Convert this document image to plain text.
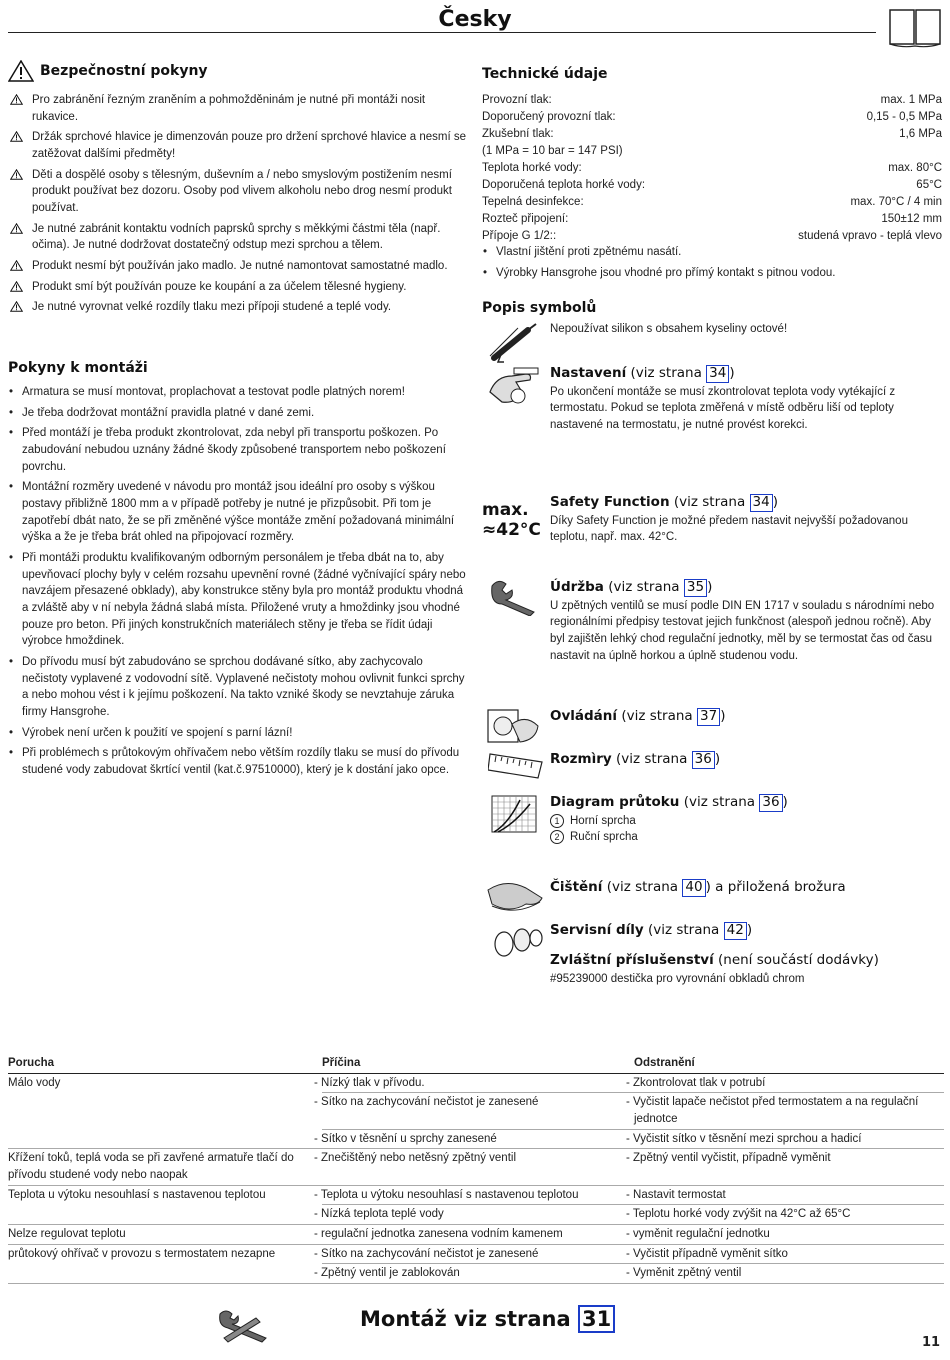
Česky
Bezpečnostní pokyny
Pro zabránění řezným zraněním a pohmožděninám je nutné při montáži nosit rukavice.
Držák sprchové hlavice je dimenzován pouze pro držení sprchové hlavice a nesmí se zatěžovat dalšími předměty!
Děti a dospělé osoby s tělesným, duševním a / nebo smyslovým postižením nesmí produkt používat bez dozoru. Osoby pod vlivem alkoholu nebo drog nesmí produkt používat.
Je nutné zabránit kontaktu vodních paprsků sprchy s měkkými částmi těla (např. očima). Je nutné dodržovat dostatečný odstup mezi sprchou a tělem.
Produkt nesmí být používán jako madlo. Je nutné namontovat samostatné madlo.
Produkt smí být používán pouze ke koupání a za účelem tělesné hygieny.
Je nutné vyrovnat velké rozdíly tlaku mezi přípoji studené a teplé vody.
Pokyny k montáži
• Armatura se musí montovat, proplachovat a testovat podle platných norem!
• Je třeba dodržovat montážní pravidla platné v dané zemi.
• Před montáží je třeba produkt zkontrolovat, zda nebyl při transportu poškozen. Po zabudování nebudou uznány žádné škody způsobené transportem nebo poškození povrchu.
• Montážní rozměry uvedené v návodu pro montáž jsou ideální pro osoby s výškou postavy přibližně 1800 mm a v případě potřeby je nutné je přizpůsobit. Při tom je zapotřebí dbát nato, že se při změněné výšce montáže změní požadovaná minimální výška a že je třeba brát ohled na připojovací rozměry.
• Při montáži produktu kvalifikovaným odborným personálem je třeba dbát na to, aby upevňovací plochy byly v celém rozsahu upevnění rovné (žádné vyčnívající spáry nebo navzájem přesazené obklady), aby konstrukce stěny byla pro montáž produktu vhodná a zvláště aby v ní nebyla žádná slabá místa. Přiložené vruty a hmoždinky jsou vhodné pouze pro beton. Při jiných konstrukčních materiálech stěny je třeba se řídit údaji výrobce hmoždinek.
• Do přívodu musí být zabudováno se sprchou dodávané sítko, aby zachycovalo nečistoty vyplavené z vodovodní sítě. Vyplavené nečistoty mohou ovlivnit funkci sprchy a nebo mohou vést i k jejímu poškození. Na takto vzniké škody se nevztahuje záruka firmy Hansgrohe.
• Výrobek není určen k použití ve spojení s parní lázní!
• Při problémech s průtokovým ohřívačem nebo větším rozdíly tlaku se musí do přívodu studené vody zabudovat škrtící ventil (kat.č.97510000), který je k dostání jako opce.
Technické údaje
Provozní tlak:	max. 1 MPa
Doporučený provozní tlak:	0,15 - 0,5 MPa
Zkušební tlak:	1,6 MPa
(1 MPa = 10 bar = 147 PSI)
Teplota horké vody:	max. 80°C
Doporučená teplota horké vody:	65°C
Tepelná desinfekce:	max. 70°C / 4 min
Rozteč připojení:	150±12 mm
Přípoje G 1/2::	studená vpravo - teplá vlevo
• Vlastní jištění proti zpětnému nasátí.
• Výrobky Hansgrohe jsou vhodné pro přímý kontakt s pitnou vodou.
Popis symbolů
Nepoužívat silikon s obsahem kyseliny octové!
Nastavení (viz strana 34 )
Po ukončení montáže se musí zkontrolovat teplota vody vytékající z termostatu. Pokud se teplota změřená v místě odběru liší od teploty nastavené na termostatu, je nutné provést korekci.
max.
≈42°C
Safety Function (viz strana 34 )
Díky Safety Function je možné předem nastavit nejvyšší požadovanou teplotu, např. max. 42°C.
Údržba (viz strana 35 )
U zpětných ventilů se musí podle DIN EN 1717 v souladu s národními nebo regionálními předpisy testovat jejich funkčnost (alespoň jednou ročně). Aby byl zajištěn lehký chod regulační jednotky, měl by se termostat čas od času nastavit na úplně horkou a úplně studenou vodu.
Ovládání (viz strana 37 )
Rozmìry (viz strana 36 )
Diagram průtoku (viz strana 36 )
1 Horní sprcha
2 Ruční sprcha
Čištění (viz strana 40 ) a přiložená brožura
Servisní díly (viz strana 42 )
Zvláštní příslušenství (není součástí dodávky)
#95239000 destička pro vyrovnání obkladů chrom
Porucha	Příčina	Odstranění
Málo vody	- Nízký tlak v přívodu.	- Zkontrolovat tlak v potrubí
	- Sítko na zachycování nečistot je zanesené	- Vyčistit lapače nečistot před termostatem a na regulační jednotce
	- Sítko v těsnění u sprchy zanesené	- Vyčistit sítko v těsnění mezi sprchou a hadicí
Křížení toků, teplá voda se při zavřené armatuře tlačí do přívodu studené vody nebo naopak	- Znečištěný nebo netěsný zpětný ventil	- Zpětný ventil vyčistit, případně vyměnit
Teplota u výtoku nesouhlasí s nastavenou teplotou	- Teplota u výtoku nesouhlasí s nastavenou teplotou	- Nastavit termostat
	- Nízká teplota teplé vody	- Teplotu horké vody zvýšit na 42°C až 65°C
Nelze regulovat teplotu	- regulační jednotka zanesena vodním kamenem	- vyměnit regulační jednotku
průtokový ohřívač v provozu s termostatem nezapne	- Sítko na zachycování nečistot je zanesené	- Vyčistit případně vyměnit sítko
	- Zpětný ventil je zablokován	- Vyměnit zpětný ventil
Montáž viz strana 31
11
